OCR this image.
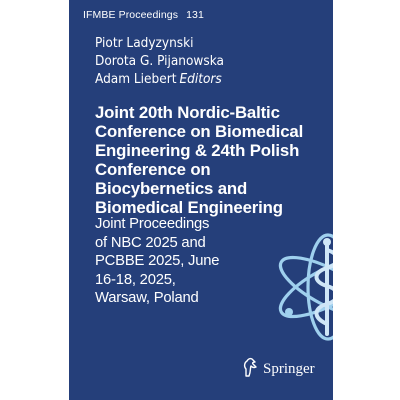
IFMBE Proceedings 131
Piotr Ladyzynski
Dorota G. Pijanowska
Adam Liebert Editors
Joint 20th Nordic-Baltic Conference on Biomedical Engineering & 24th Polish Conference on Biocybernetics and Biomedical Engineering
Joint Proceedings of NBC 2025 and PCBBE 2025, June 16-18, 2025, Warsaw, Poland
Springer
